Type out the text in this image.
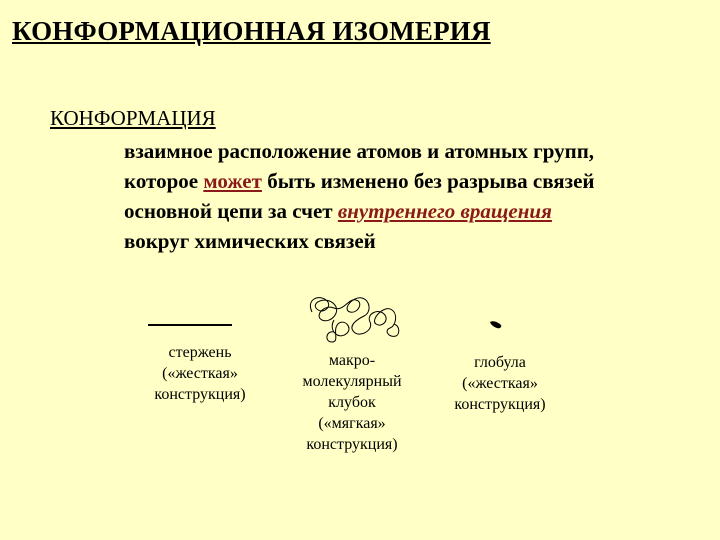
КОНФОРМАЦИОННАЯ ИЗОМЕРИЯ
КОНФОРМАЦИЯ
взаимное расположение атомов и атомных групп,
которое может быть изменено без разрыва связей
основной цепи за счет внутреннего вращения
вокруг химических связей
стержень
(«жесткая»
конструкция)
макро-
молекулярный
клубок
(«мягкая»
конструкция)
глобула
(«жесткая»
конструкция)
